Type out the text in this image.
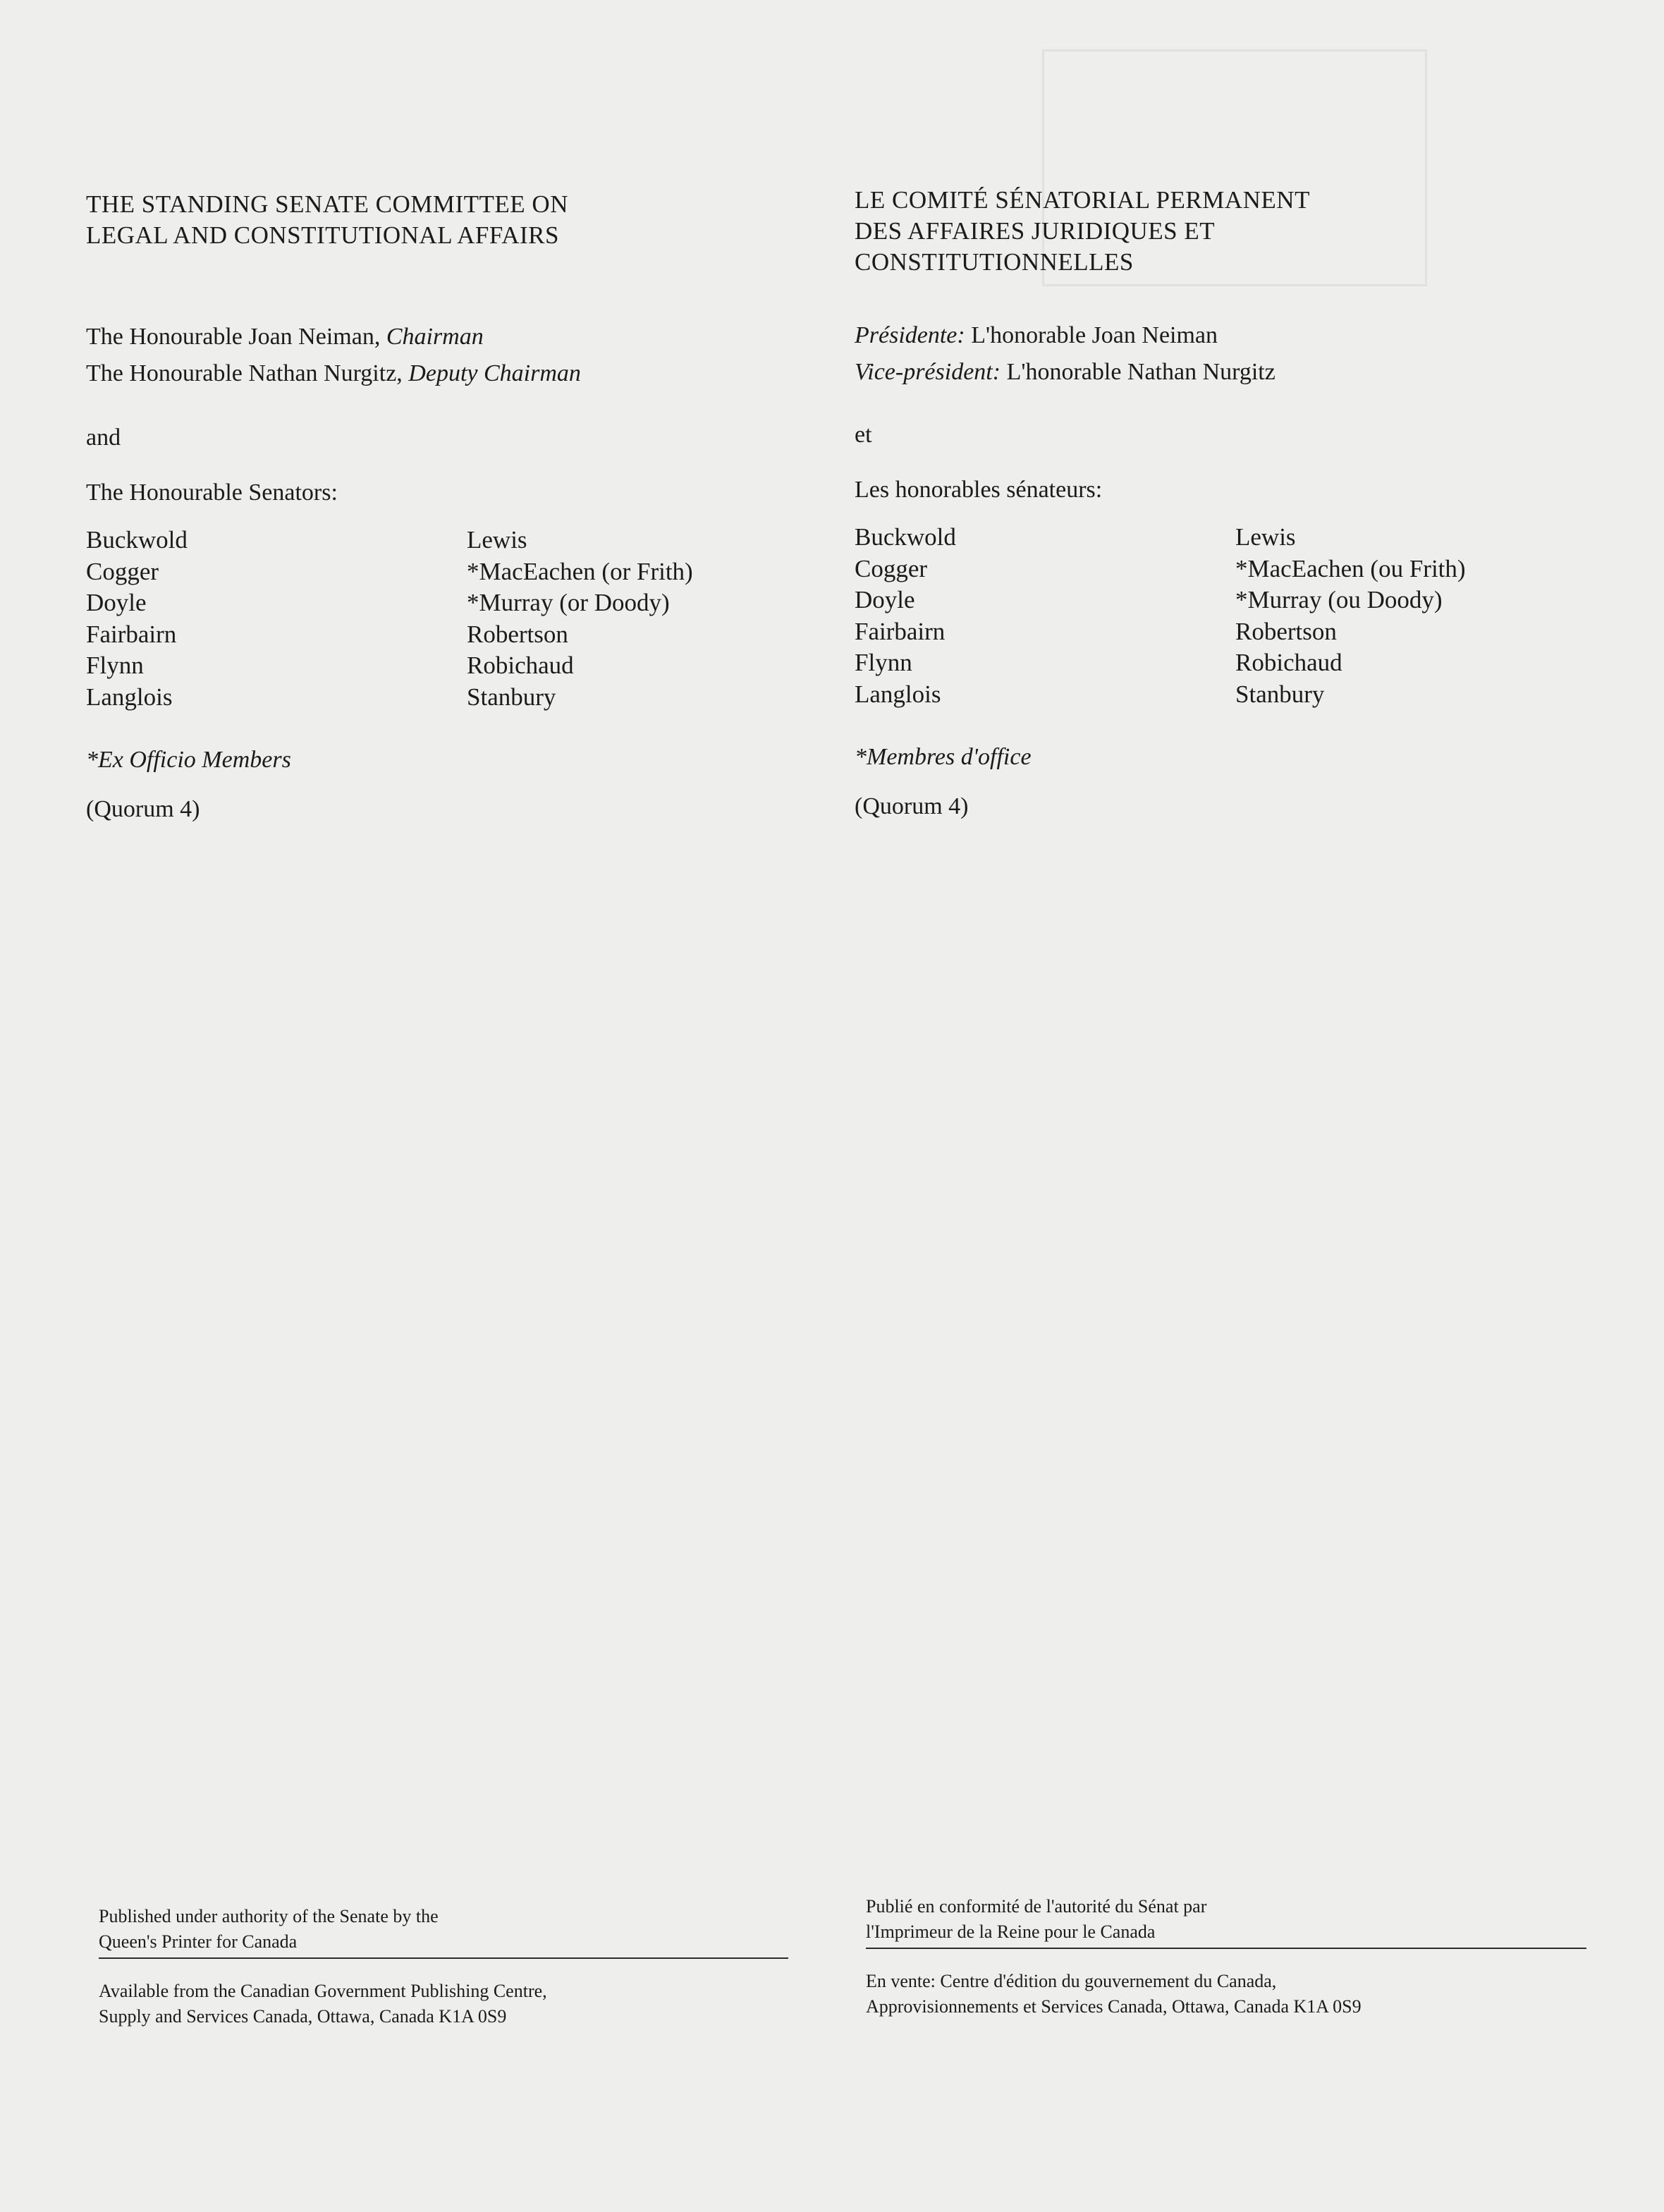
THE STANDING SENATE COMMITTEE ON
LEGAL AND CONSTITUTIONAL AFFAIRS

The Honourable Joan Neiman, Chairman

The Honourable Nathan Nurgitz, Deputy Chairman

and

The Honourable Senators:

Buckwold
Cogger
Doyle
Fairbairn
Flynn
Langlois
Lewis
*MacEachen (or Frith)
*Murray (or Doody)
Robertson
Robichaud
Stanbury

*Ex Officio Members

(Quorum 4)

LE COMITÉ SÉNATORIAL PERMANENT
DES AFFAIRES JURIDIQUES ET
CONSTITUTIONNELLES

Présidente: L'honorable Joan Neiman

Vice-président: L'honorable Nathan Nurgitz

et

Les honorables sénateurs:

Buckwold
Cogger
Doyle
Fairbairn
Flynn
Langlois
Lewis
*MacEachen (ou Frith)
*Murray (ou Doody)
Robertson
Robichaud
Stanbury

*Membres d'office

(Quorum 4)

Published under authority of the Senate by the

Queen's Printer for Canada

Available from the Canadian Government Publishing Centre,

Supply and Services Canada, Ottawa, Canada K1A 0S9

Publié en conformité de l'autorité du Sénat par

l'Imprimeur de la Reine pour le Canada

En vente: Centre d'édition du gouvernement du Canada,

Approvisionnements et Services Canada, Ottawa, Canada K1A 0S9
